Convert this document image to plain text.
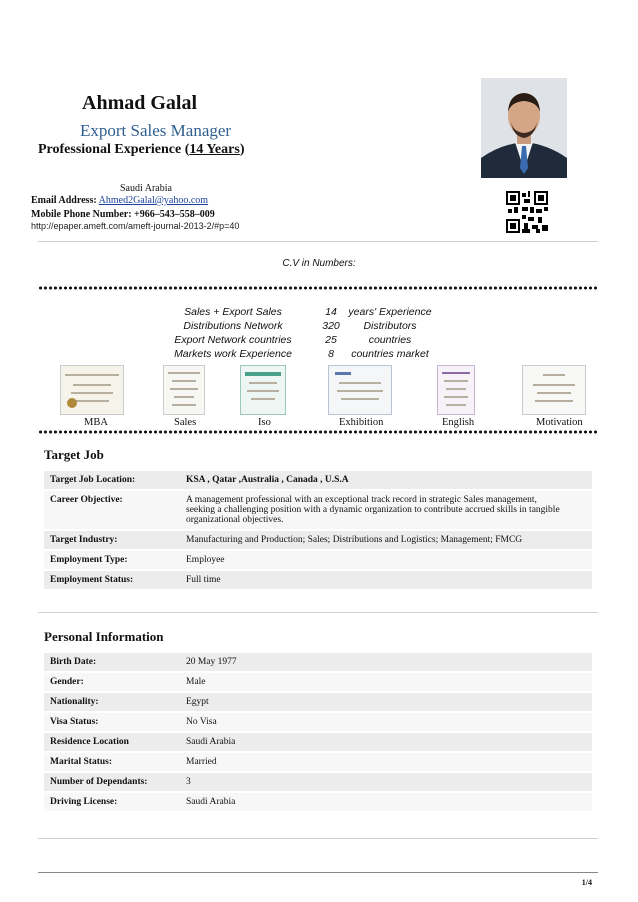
Ahmad Galal
Export Sales Manager
Professional Experience (14 Years)
Saudi Arabia
Email Address: Ahmed2Galal@yahoo.com
Mobile Phone Number: +966–543–558–009
http://epaper.ameft.com/ameft-journal-2013-2/#p=40
C.V in Numbers:
Sales + Export Sales	14	years' Experience
Distributions Network	320	Distributors
Export Network countries	25	countries
Markets work Experience	8	countries market
MBA	Sales	Iso	Exhibition	English	Motivation
Target Job
Target Job Location:	KSA , Qatar ,Australia , Canada , U.S.A
Career Objective:	A management professional with an exceptional track record in strategic Sales management, seeking a challenging position with a dynamic organization to contribute accrued skills in tangible organizational objectives.
Target Industry:	Manufacturing and Production; Sales; Distributions and Logistics; Management; FMCG
Employment Type:	Employee
Employment Status:	Full time
Personal Information
Birth Date:	20 May 1977
Gender:	Male
Nationality:	Egypt
Visa Status:	No Visa
Residence Location	Saudi Arabia
Marital Status:	Married
Number of Dependants:	3
Driving License:	Saudi Arabia
1/4
